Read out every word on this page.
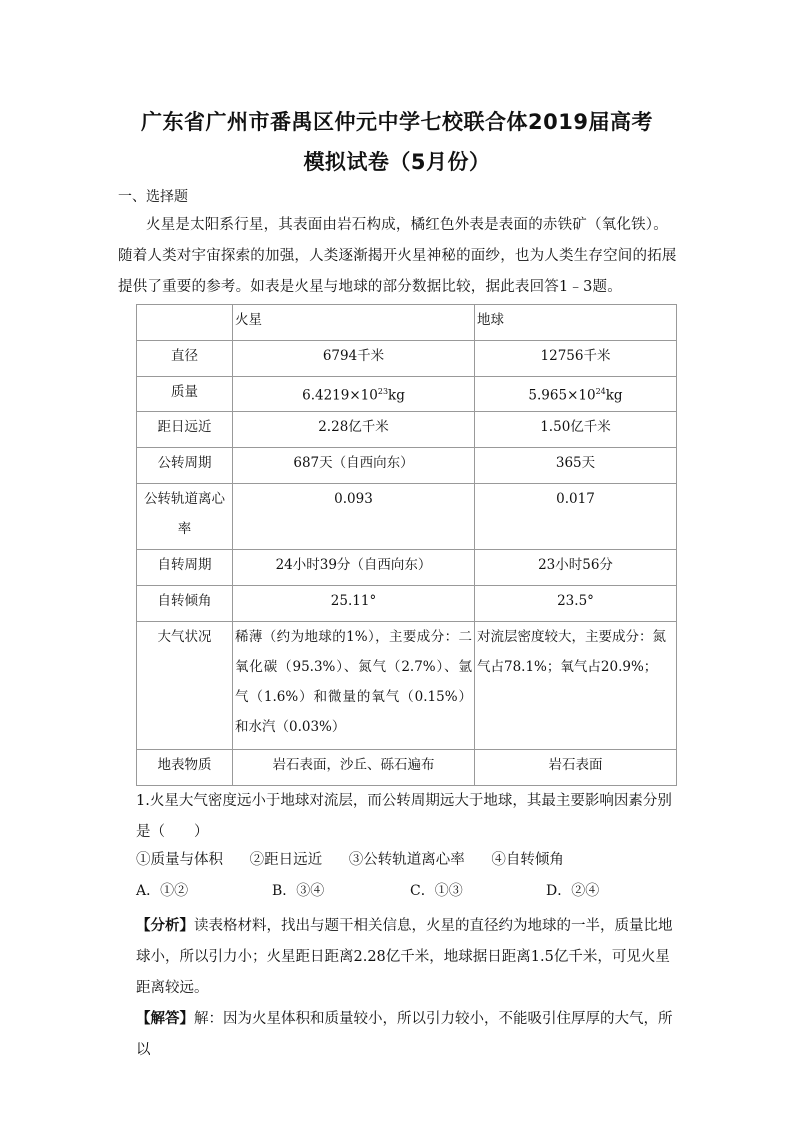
广东省广州市番禺区仲元中学七校联合体2019届高考
模拟试卷（5月份）
一、选择题
火星是太阳系行星，其表面由岩石构成，橘红色外表是表面的赤铁矿（氧化铁）。随着人类对宇宙探索的加强，人类逐渐揭开火星神秘的面纱，也为人类生存空间的拓展提供了重要的参考。如表是火星与地球的部分数据比较，据此表回答1﹣3题。
	火星	地球
直径	6794千米	12756千米
质量	$6.4219\times 10^{23}kg$	$5.965\times 10^{24}kg$
距日远近	2.28亿千米	1.50亿千米
公转周期	687天（自西向东）	365天
公转轨道离心率	0.093	0.017
自转周期	24小时39分（自西向东）	23小时56分
自转倾角	25.11°	23.5°
大气状况	稀薄（约为地球的1%），主要成分：二氧化碳（95.3%）、氮气（2.7%）、氩气（1.6%）和微量的氧气（0.15%）和水汽（0.03%）	对流层密度较大，主要成分：氮气占78.1%；氧气占20.9%；
地表物质	岩石表面，沙丘、砾石遍布	岩石表面
1.火星大气密度远小于地球对流层，而公转周期远大于地球，其最主要影响因素分别是（　　）
①质量与体积 ②距日远近 ③公转轨道离心率 ④自转倾角
A．①②	B．③④	C．①③	D．②④
【分析】读表格材料，找出与题干相关信息，火星的直径约为地球的一半，质量比地球小，所以引力小；火星距日距离2.28亿千米，地球据日距离1.5亿千米，可见火星距离较远。
【解答】解：因为火星体积和质量较小，所以引力较小，不能吸引住厚厚的大气，所以
